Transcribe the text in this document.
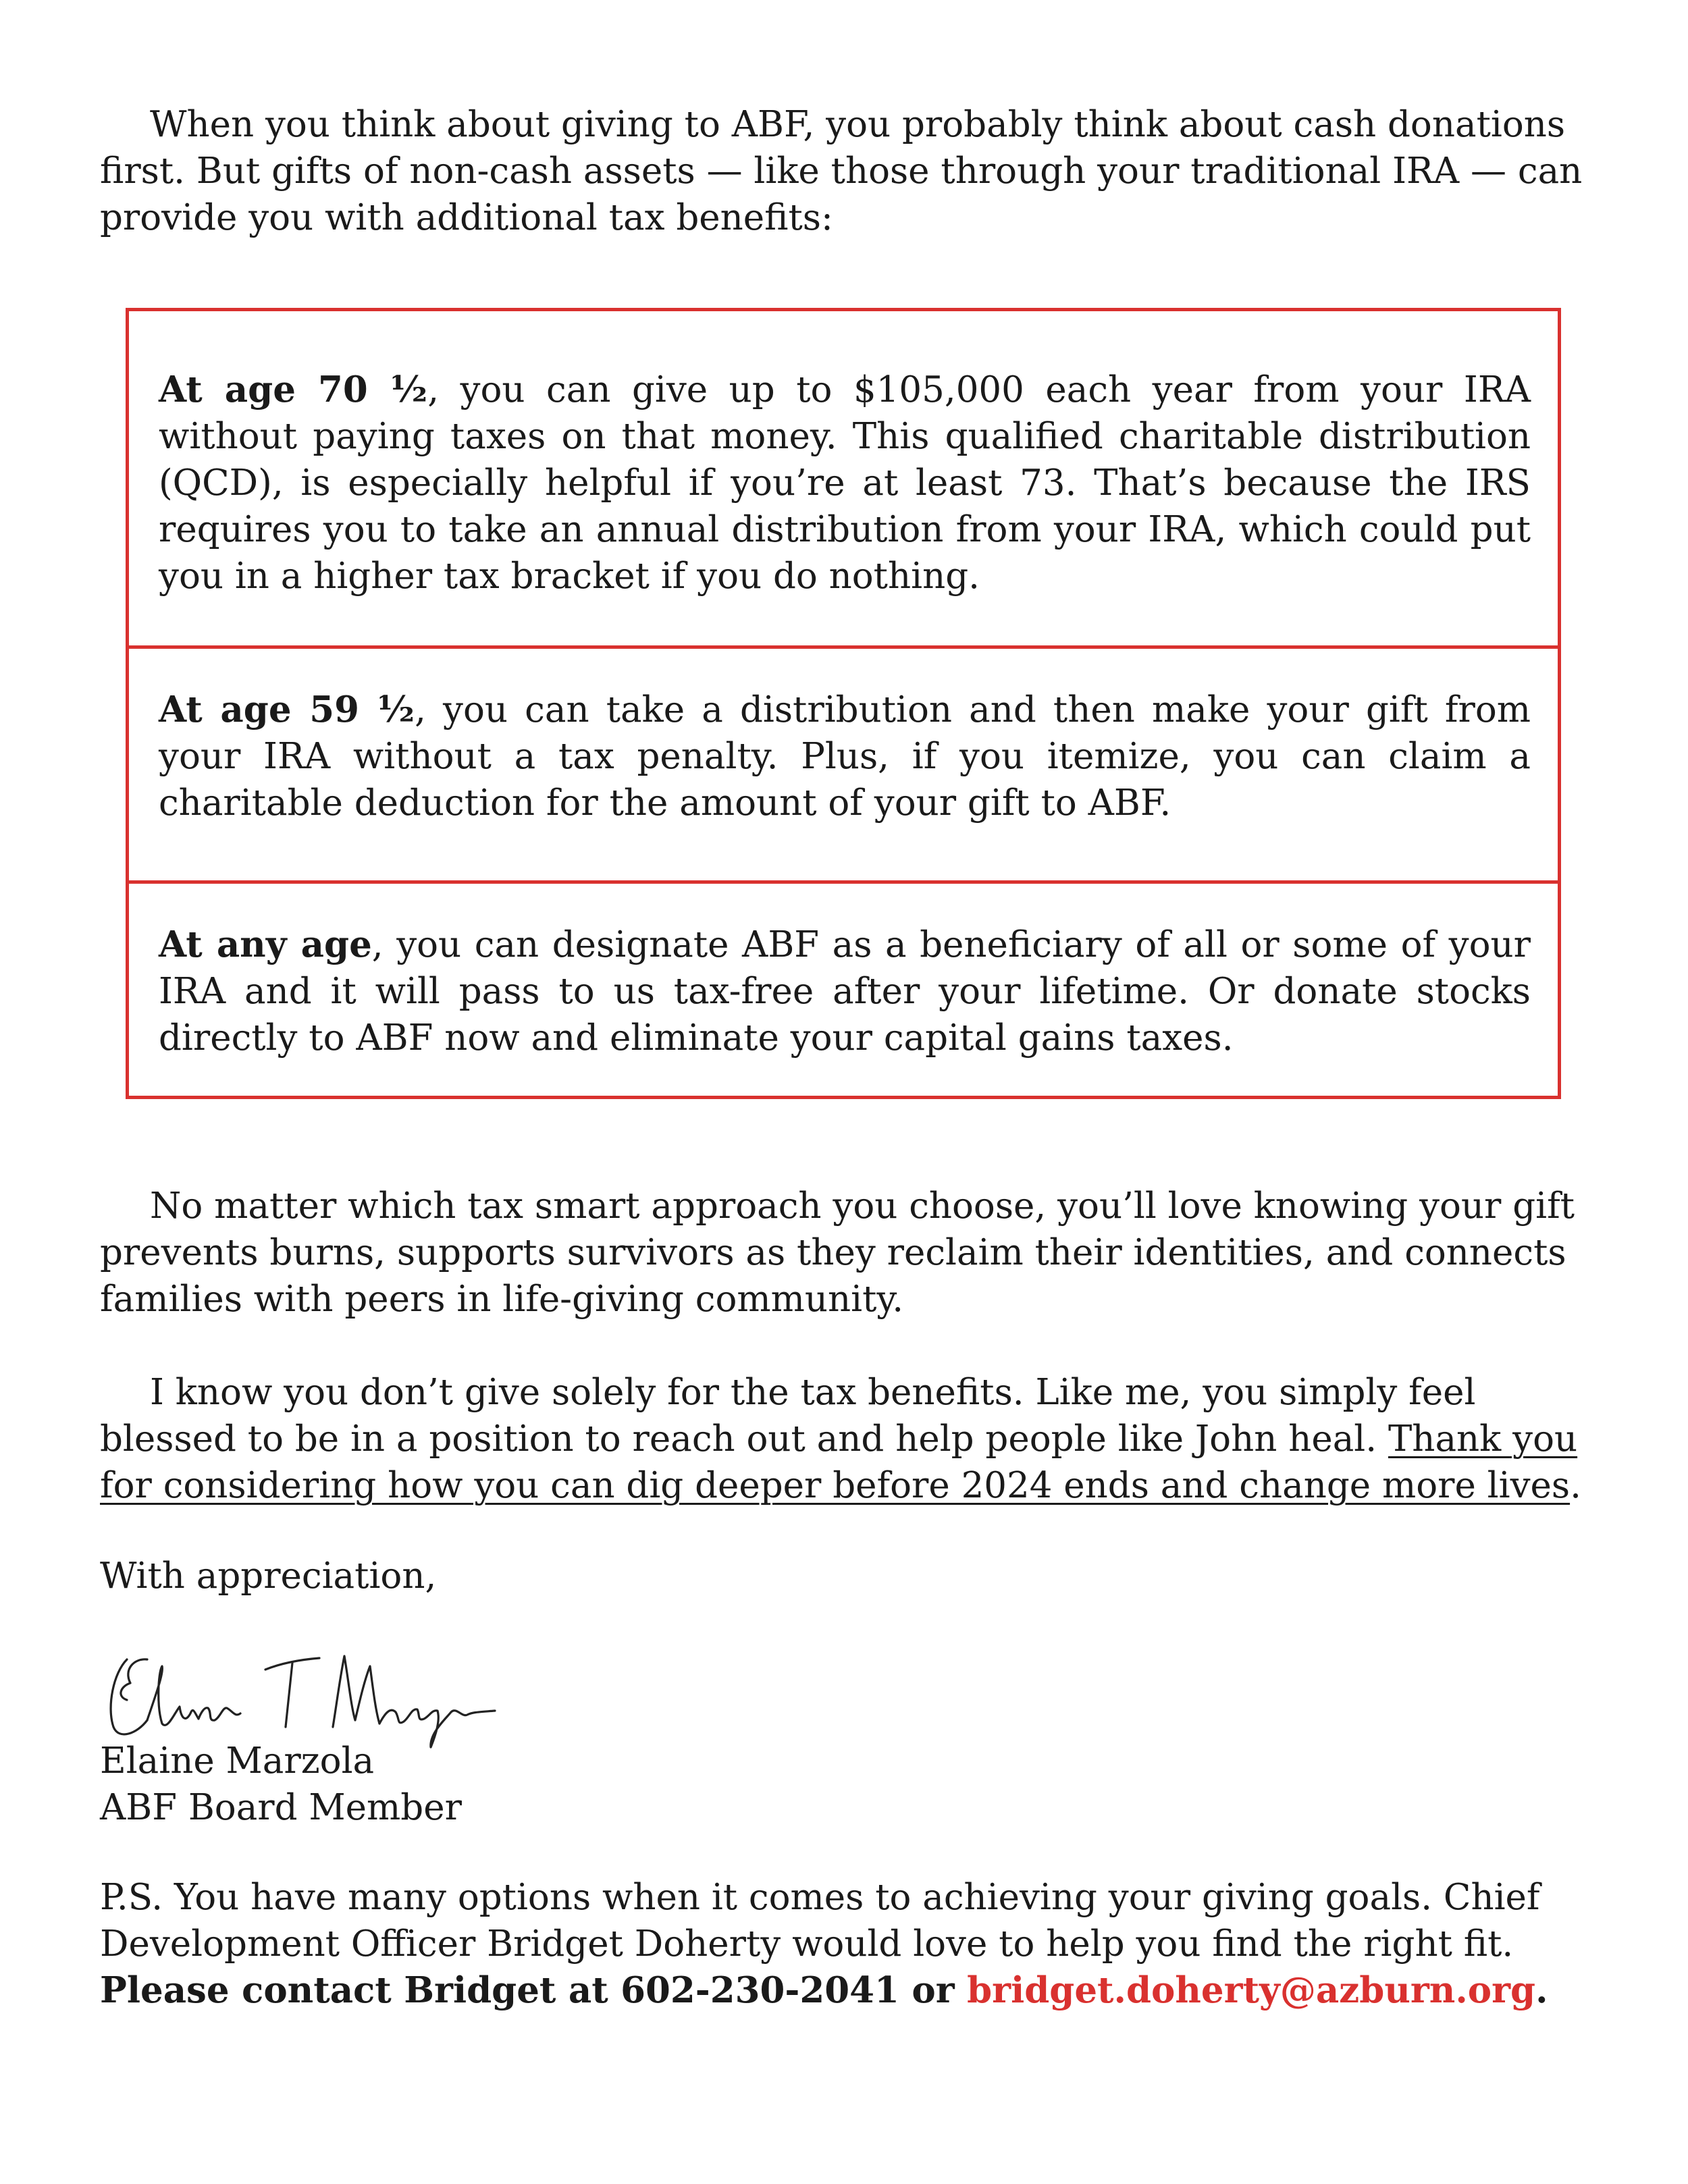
When you think about giving to ABF, you probably think about cash donations first. But gifts of non-cash assets — like those through your traditional IRA — can provide you with additional tax benefits:

At age 70 ½, you can give up to $105,000 each year from your IRA without paying taxes on that money. This qualified charitable distribution (QCD), is especially helpful if you’re at least 73. That’s because the IRS requires you to take an annual distribution from your IRA, which could put you in a higher tax bracket if you do nothing.

At age 59 ½, you can take a distribution and then make your gift from your IRA without a tax penalty. Plus, if you itemize, you can claim a charitable deduction for the amount of your gift to ABF.

At any age, you can designate ABF as a beneficiary of all or some of your IRA and it will pass to us tax-free after your lifetime. Or donate stocks directly to ABF now and eliminate your capital gains taxes.

No matter which tax smart approach you choose, you’ll love knowing your gift prevents burns, supports survivors as they reclaim their identities, and connects families with peers in life-giving community.

I know you don’t give solely for the tax benefits. Like me, you simply feel blessed to be in a position to reach out and help people like John heal. Thank you for considering how you can dig deeper before 2024 ends and change more lives.

With appreciation,

Elaine Marzola

ABF Board Member

P.S. You have many options when it comes to achieving your giving goals. Chief Development Officer Bridget Doherty would love to help you find the right fit.
Please contact Bridget at 602-230-2041 or bridget.doherty@azburn.org.
